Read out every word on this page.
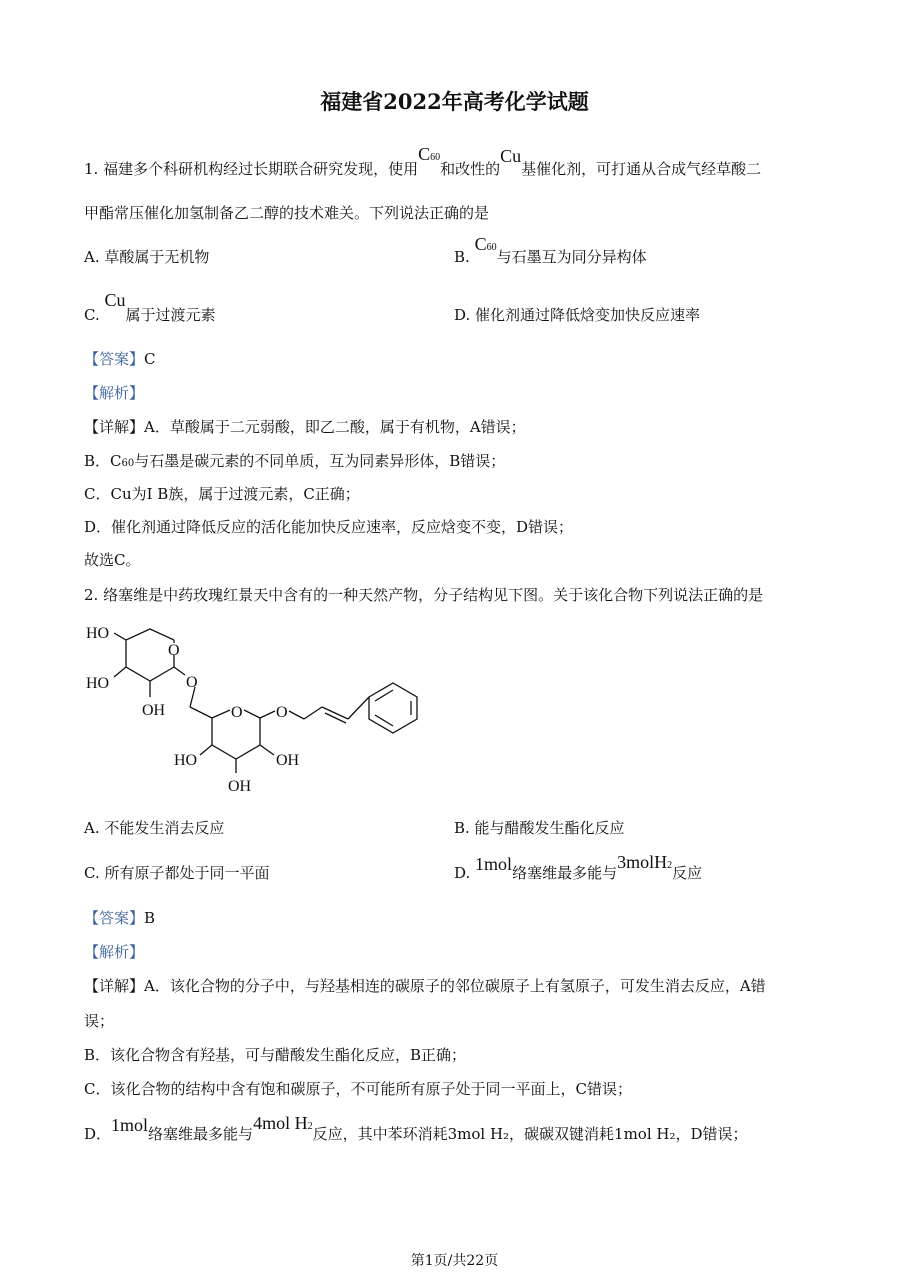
福建省2022年高考化学试题
1. 福建多个科研机构经过长期联合研究发现，使用C60和改性的Cu基催化剂，可打通从合成气经草酸二
甲酯常压催化加氢制备乙二醇的技术难关。下列说法正确的是
A. 草酸属于无机物	B. C60与石墨互为同分异构体
C. Cu属于过渡元素	D. 催化剂通过降低焓变加快反应速率
【答案】C
【解析】
【详解】A．草酸属于二元弱酸，即乙二酸，属于有机物，A错误；
B．C60与石墨是碳元素的不同单质，互为同素异形体，B错误；
C．Cu为I B族，属于过渡元素，C正确；
D．催化剂通过降低反应的活化能加快反应速率，反应焓变不变，D错误；
故选C。
2. 络塞维是中药玫瑰红景天中含有的一种天然产物，分子结构见下图。关于该化合物下列说法正确的是
HO
HO
OH
O
O
O O
HO	OH
OH
A. 不能发生消去反应	B. 能与醋酸发生酯化反应
C. 所有原子都处于同一平面	D. 1mol络塞维最多能与3molH2反应
【答案】B
【解析】
【详解】A．该化合物的分子中，与羟基相连的碳原子的邻位碳原子上有氢原子，可发生消去反应，A错
误；
B．该化合物含有羟基，可与醋酸发生酯化反应，B正确；
C．该化合物的结构中含有饱和碳原子，不可能所有原子处于同一平面上，C错误；
D．1mol络塞维最多能与4mol H2反应，其中苯环消耗3mol H₂，碳碳双键消耗1mol H₂，D错误；
第1页/共22页
